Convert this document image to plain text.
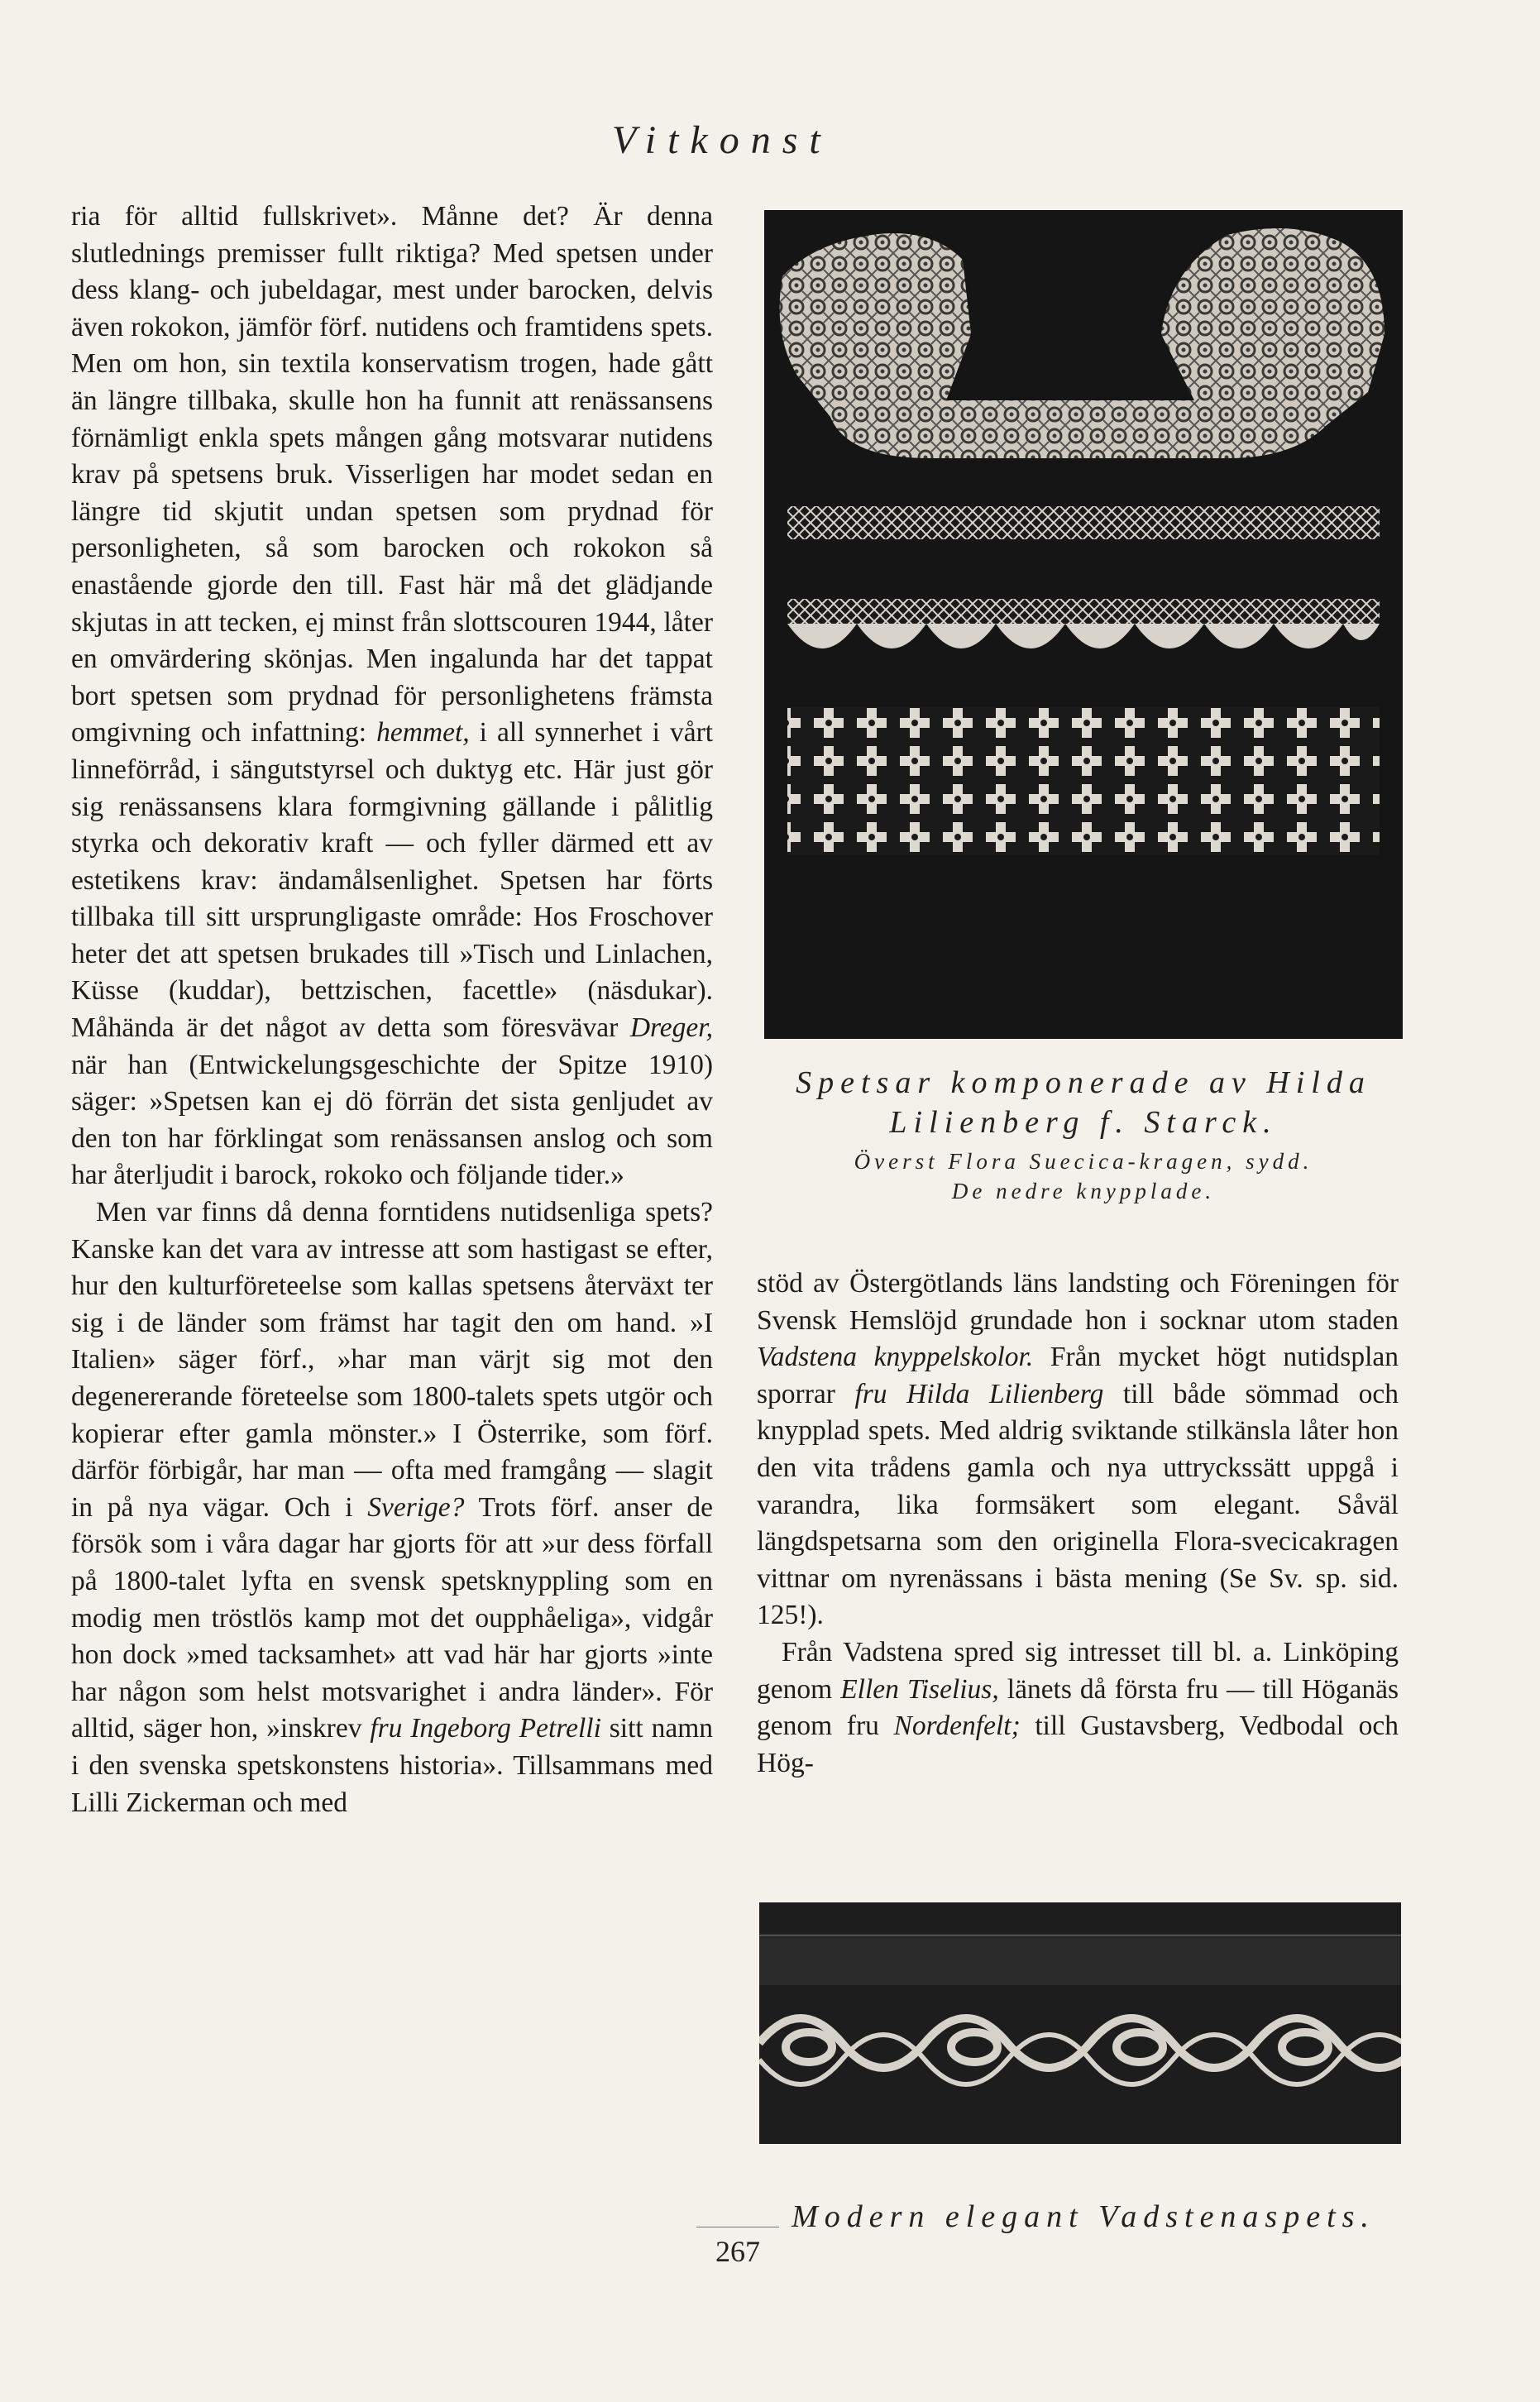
Vitkonst

ria för alltid fullskrivet». Månne det? Är denna slutlednings premisser fullt riktiga? Med spetsen under dess klang- och jubeldagar, mest under barocken, delvis även rokokon, jämför förf. nutidens och framtidens spets. Men om hon, sin textila konservatism trogen, hade gått än längre tillbaka, skulle hon ha funnit att renässansens förnämligt enkla spets mången gång motsvarar nutidens krav på spetsens bruk. Visserligen har modet sedan en längre tid skjutit undan spetsen som prydnad för personligheten, så som barocken och rokokon så enastående gjorde den till. Fast här må det glädjande skjutas in att tecken, ej minst från slottscouren 1944, låter en omvärdering skönjas. Men ingalunda har det tappat bort spetsen som prydnad för personlighetens främsta omgivning och infattning: hemmet, i all synnerhet i vårt linneförråd, i sängutstyrsel och duktyg etc. Här just gör sig renässansens klara formgivning gällande i pålitlig styrka och dekorativ kraft — och fyller därmed ett av estetikens krav: ändamålsenlighet. Spetsen har förts tillbaka till sitt ursprungligaste område: Hos Froschover heter det att spetsen brukades till »Tisch und Linlachen, Küsse (kuddar), bettzischen, facettle» (näsdukar). Måhända är det något av detta som föresvävar Dreger, när han (Entwickelungsgeschichte der Spitze 1910) säger: »Spetsen kan ej dö förrän det sista genljudet av den ton har förklingat som renässansen anslog och som har återljudit i barock, rokoko och följande tider.»

Men var finns då denna forntidens nutidsenliga spets? Kanske kan det vara av intresse att som hastigast se efter, hur den kulturföreteelse som kallas spetsens återväxt ter sig i de länder som främst har tagit den om hand. »I Italien» säger förf., »har man värjt sig mot den degenererande företeelse som 1800-talets spets utgör och kopierar efter gamla mönster.» I Österrike, som förf. därför förbigår, har man — ofta med framgång — slagit in på nya vägar. Och i Sverige? Trots förf. anser de försök som i våra dagar har gjorts för att »ur dess förfall på 1800-talet lyfta en svensk spetsknyppling som en modig men tröstlös kamp mot det oupphåeliga», vidgår hon dock »med tacksamhet» att vad här har gjorts »inte har någon som helst motsvarighet i andra länder». För alltid, säger hon, »inskrev fru Ingeborg Petrelli sitt namn i den svenska spetskonstens historia». Tillsammans med Lilli Zickerman och med

Spetsar komponerade av Hilda
Lilienberg f. Starck.
Överst Flora Suecica-kragen, sydd.
De nedre knypplade.

stöd av Östergötlands läns landsting och Föreningen för Svensk Hemslöjd grundade hon i socknar utom staden Vadstena knyppelskolor. Från mycket högt nutidsplan sporrar fru Hilda Lilienberg till både sömmad och knypplad spets. Med aldrig sviktande stilkänsla låter hon den vita trådens gamla och nya uttryckssätt uppgå i varandra, lika formsäkert som elegant. Såväl längdspetsarna som den originella Flora-svecicakragen vittnar om nyrenässans i bästa mening (Se Sv. sp. sid. 125!).

Från Vadstena spred sig intresset till bl. a. Linköping genom Ellen Tiselius, länets då första fru — till Höganäs genom fru Nordenfelt; till Gustavsberg, Vedbodal och Hög-

Modern elegant Vadstenaspets.
267
